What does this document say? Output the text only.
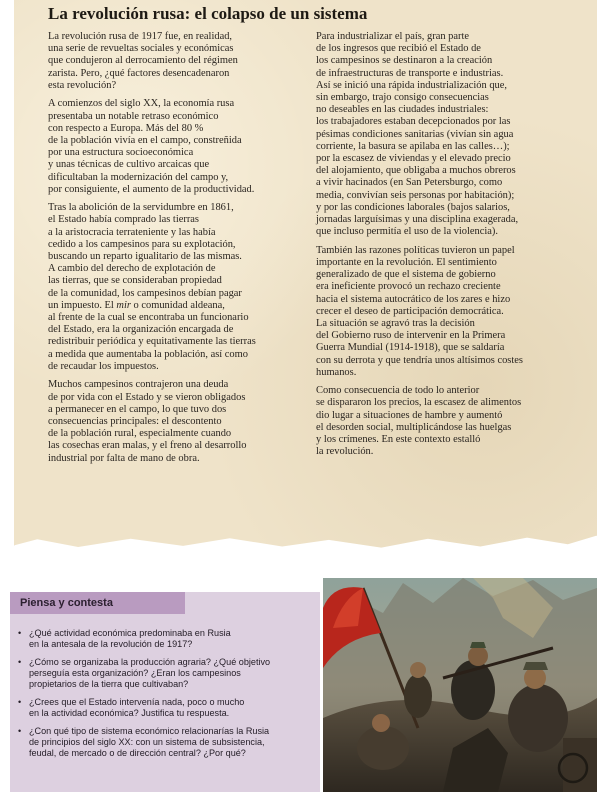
La revolución rusa: el colapso de un sistema

La revolución rusa de 1917 fue, en realidad,
una serie de revueltas sociales y económicas
que condujeron al derrocamiento del régimen
zarista. Pero, ¿qué factores desencadenaron
esta revolución?

A comienzos del siglo XX, la economía rusa
presentaba un notable retraso económico
con respecto a Europa. Más del 80 %
de la población vivía en el campo, constreñida
por una estructura socioeconómica
y unas técnicas de cultivo arcaicas que
dificultaban la modernización del campo y,
por consiguiente, el aumento de la productividad.

Tras la abolición de la servidumbre en 1861,
el Estado había comprado las tierras
a la aristocracia terrateniente y las había
cedido a los campesinos para su explotación,
buscando un reparto igualitario de las mismas.
A cambio del derecho de explotación de
las tierras, que se consideraban propiedad
de la comunidad, los campesinos debían pagar
un impuesto. El mir o comunidad aldeana,
al frente de la cual se encontraba un funcionario
del Estado, era la organización encargada de
redistribuir periódica y equitativamente las tierras
a medida que aumentaba la población, así como
de recaudar los impuestos.

Muchos campesinos contrajeron una deuda
de por vida con el Estado y se vieron obligados
a permanecer en el campo, lo que tuvo dos
consecuencias principales: el descontento
de la población rural, especialmente cuando
las cosechas eran malas, y el freno al desarrollo
industrial por falta de mano de obra.

Para industrializar el país, gran parte
de los ingresos que recibió el Estado de
los campesinos se destinaron a la creación
de infraestructuras de transporte e industrias.
Así se inició una rápida industrialización que,
sin embargo, trajo consigo consecuencias
no deseables en las ciudades industriales:
los trabajadores estaban decepcionados por las
pésimas condiciones sanitarias (vivían sin agua
corriente, la basura se apilaba en las calles…);
por la escasez de viviendas y el elevado precio
del alojamiento, que obligaba a muchos obreros
a vivir hacinados (en San Petersburgo, como
media, convivían seis personas por habitación);
y por las condiciones laborales (bajos salarios,
jornadas larguísimas y una disciplina exagerada,
que incluso permitía el uso de la violencia).

También las razones políticas tuvieron un papel
importante en la revolución. El sentimiento
generalizado de que el sistema de gobierno
era ineficiente provocó un rechazo creciente
hacia el sistema autocrático de los zares e hizo
crecer el deseo de participación democrática.
La situación se agravó tras la decisión
del Gobierno ruso de intervenir en la Primera
Guerra Mundial (1914-1918), que se saldaría
con su derrota y que tendría unos altísimos costes
humanos.

Como consecuencia de todo lo anterior
se dispararon los precios, la escasez de alimentos
dio lugar a situaciones de hambre y aumentó
el desorden social, multiplicándose las huelgas
y los crímenes. En este contexto estalló
la revolución.

Piensa y contesta
• ¿Qué actividad económica predominaba en Rusia
en la antesala de la revolución de 1917?
• ¿Cómo se organizaba la producción agraria? ¿Qué objetivo
perseguía esta organización? ¿Eran los campesinos
propietarios de la tierra que cultivaban?
• ¿Crees que el Estado intervenía nada, poco o mucho
en la actividad económica? Justifica tu respuesta.
• ¿Con qué tipo de sistema económico relacionarías la Rusia
de principios del siglo XX: con un sistema de subsistencia,
feudal, de mercado o de dirección central? ¿Por qué?
